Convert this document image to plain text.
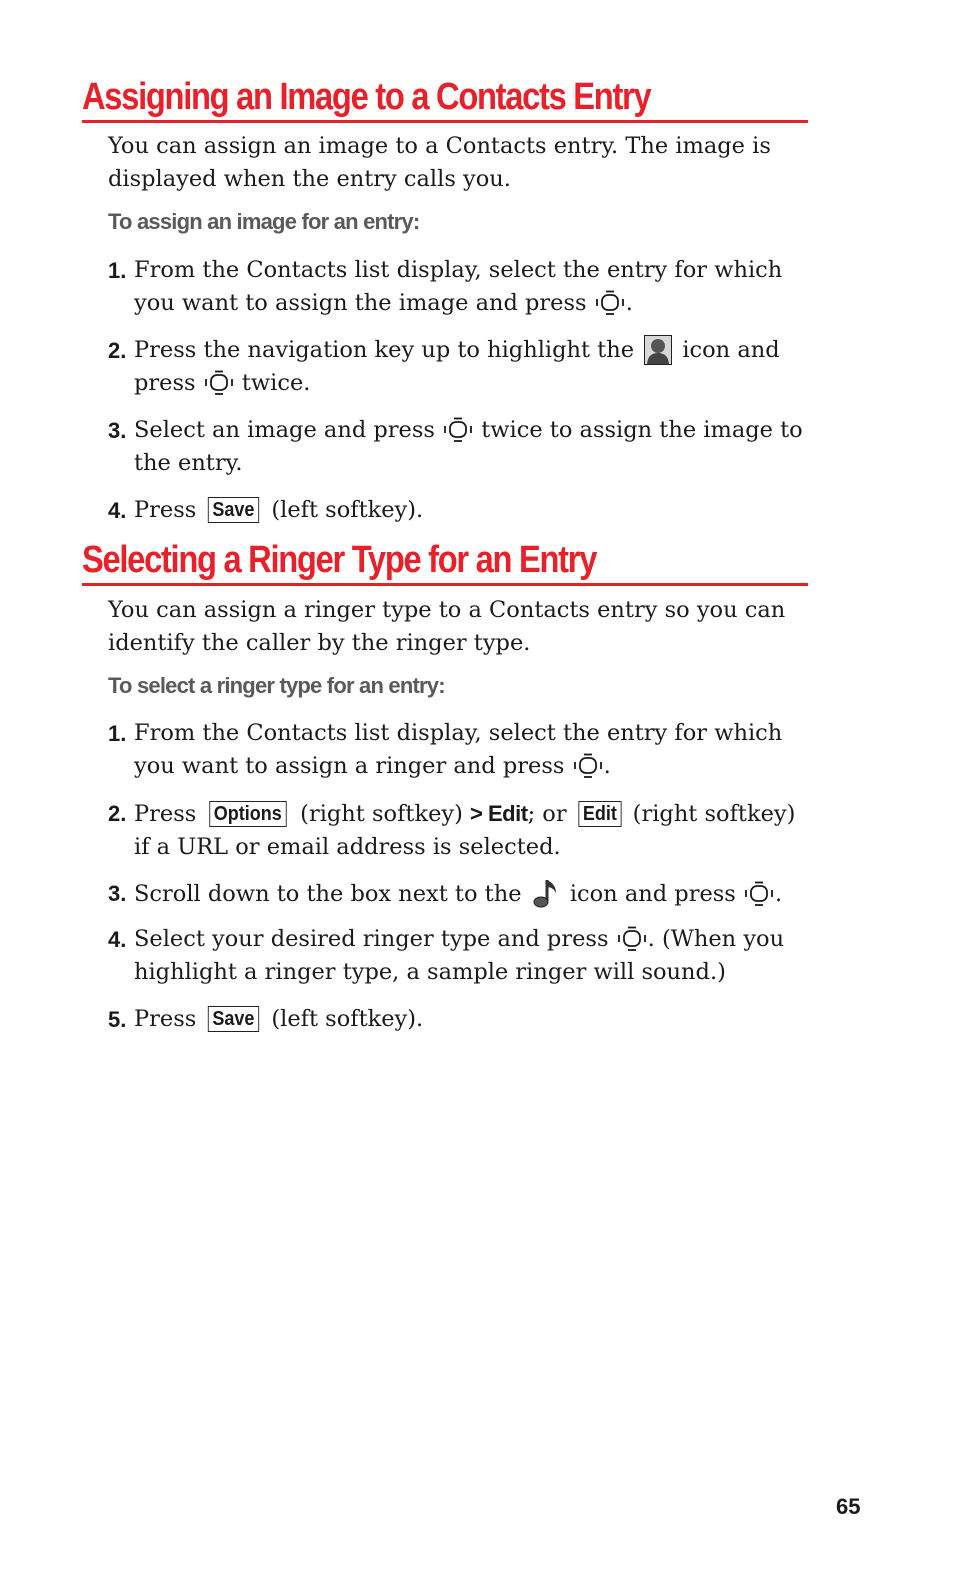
Assigning an Image to a Contacts Entry

You can assign an image to a Contacts entry. The image is displayed when the entry calls you.

To assign an image for an entry:

1. From the Contacts list display, select the entry for which you want to assign the image and press .
2. Press the navigation key up to highlight the  icon and press  twice.
3. Select an image and press  twice to assign the image to the entry.
4. Press Save (left softkey).
Selecting a Ringer Type for an Entry

You can assign a ringer type to a Contacts entry so you can identify the caller by the ringer type.

To select a ringer type for an entry:

1. From the Contacts list display, select the entry for which you want to assign a ringer and press .
2. Press Options (right softkey) > Edit; or Edit (right softkey) if a URL or email address is selected.
3. Scroll down to the box next to the  icon and press .
4. Select your desired ringer type and press . (When you highlight a ringer type, a sample ringer will sound.)
5. Press Save (left softkey).
65
